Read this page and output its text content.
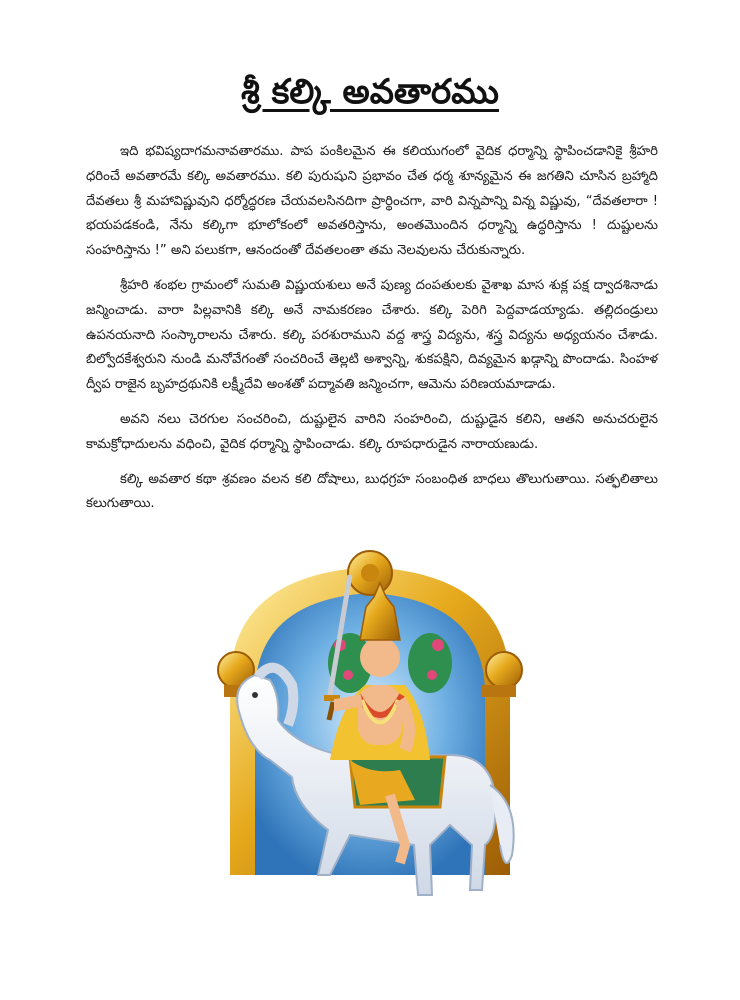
శ్రీ కల్కి అవతారము

ఇది భవిష్యదాగమనావతారము. పాప పంకిలమైన ఈ కలియుగంలో వైదిక ధర్మాన్ని స్థాపించడానికై శ్రీహరి ధరించే అవతారమే కల్కి అవతారము. కలి పురుషుని ప్రభావం చేత ధర్మ శూన్యమైన ఈ జగతిని చూసిన బ్రహ్మాది దేవతలు శ్రీ మహావిష్ణువుని ధర్మోద్ధరణ చేయవలసినదిగా ప్రార్థించగా, వారి విన్నపాన్ని విన్న విష్ణువు, “దేవతలారా ! భయపడకండి, నేను కల్కిగా భూలోకంలో అవతరిస్తాను, అంతమొందిన ధర్మాన్ని ఉద్ధరిస్తాను ! దుష్టులను సంహరిస్తాను !” అని పలుకగా, ఆనందంతో దేవతలంతా తమ నెలవులను చేరుకున్నారు.

శ్రీహరి శంభల గ్రామంలో సుమతి విష్ణుయశులు అనే పుణ్య దంపతులకు వైశాఖ మాస శుక్ల పక్ష ద్వాదశినాడు జన్మించాడు. వారా పిల్లవానికి కల్కి అనే నామకరణం చేశారు. కల్కి పెరిగి పెద్దవాడయ్యాడు. తల్లిదండ్రులు ఉపనయనాది సంస్కారాలను చేశారు. కల్కి పరశురాముని వద్ద శాస్త్ర విద్యను, శస్త్ర విద్యను అధ్యయనం చేశాడు. బిల్వోదకేశ్వరుని నుండి మనోవేగంతో సంచరించే తెల్లటి అశ్వాన్ని, శుకపక్షిని, దివ్యమైన ఖడ్గాన్ని పొందాడు. సింహళ ద్వీప రాజైన బృహద్రథునికి లక్ష్మీదేవి అంశతో పద్మావతి జన్మించగా, ఆమెను పరిణయమాడాడు.

అవని నలు చెరగుల సంచరించి, దుష్టులైన వారిని సంహరించి, దుష్టుడైన కలిని, ఆతని అనుచరులైన కామక్రోధాదులను వధించి, వైదిక ధర్మాన్ని స్థాపించాడు. కల్కి రూపధారుడైన నారాయణుడు.

కల్కి అవతార కథా శ్రవణం వలన కలి దోషాలు, బుధగ్రహ సంబంధిత బాధలు తొలుగుతాయి. సత్ఫలితాలు కలుగుతాయి.
